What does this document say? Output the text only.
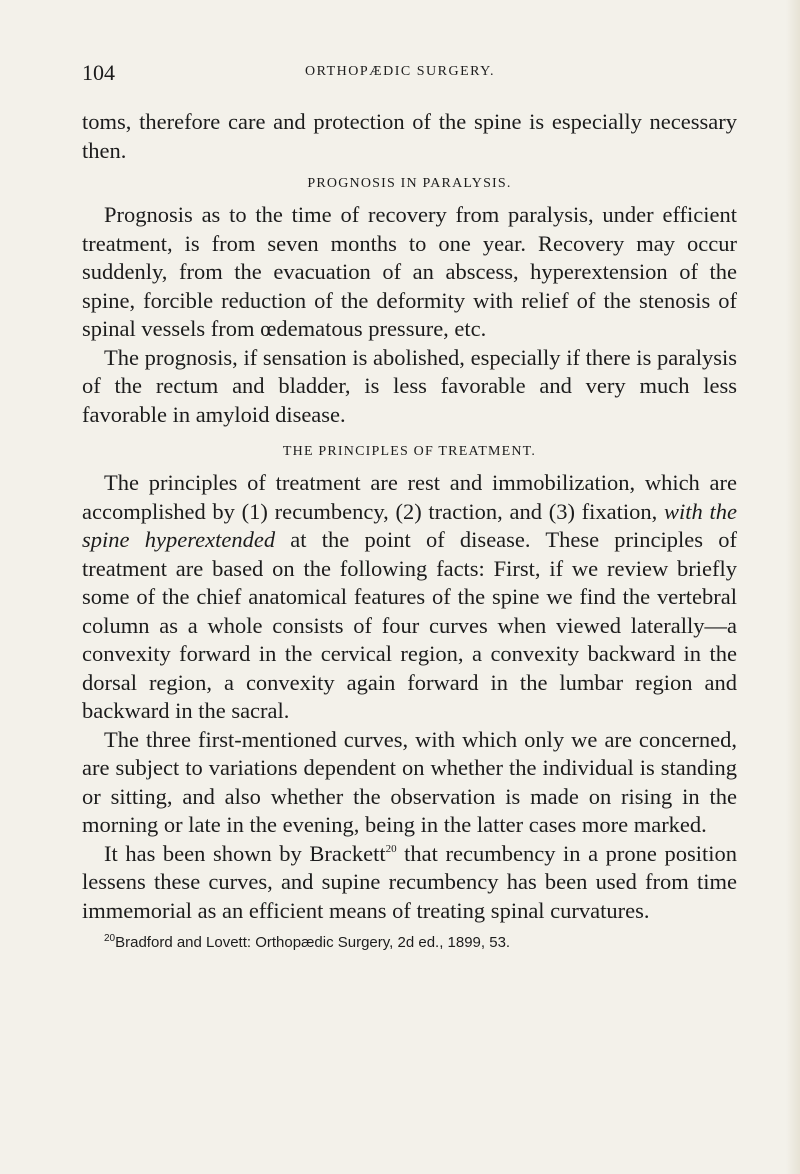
104	ORTHOPÆDIC SURGERY.

toms, therefore care and protection of the spine is especially necessary then.

PROGNOSIS IN PARALYSIS.

Prognosis as to the time of recovery from paralysis, under efficient treatment, is from seven months to one year. Recovery may occur suddenly, from the evacuation of an abscess, hyperextension of the spine, forcible reduction of the deformity with relief of the stenosis of spinal vessels from œdematous pressure, etc.

The prognosis, if sensation is abolished, especially if there is paralysis of the rectum and bladder, is less favorable and very much less favorable in amyloid disease.

THE PRINCIPLES OF TREATMENT.

The principles of treatment are rest and immobilization, which are accomplished by (1) recumbency, (2) traction, and (3) fixation, with the spine hyperextended at the point of disease. These principles of treatment are based on the following facts: First, if we review briefly some of the chief anatomical features of the spine we find the vertebral column as a whole consists of four curves when viewed laterally—a convexity forward in the cervical region, a convexity backward in the dorsal region, a convexity again forward in the lumbar region and backward in the sacral.

The three first-mentioned curves, with which only we are concerned, are subject to variations dependent on whether the individual is standing or sitting, and also whether the observation is made on rising in the morning or late in the evening, being in the latter cases more marked.

It has been shown by Brackett$^{20}$ that recumbency in a prone position lessens these curves, and supine recumbency has been used from time immemorial as an efficient means of treating spinal curvatures.

$^{20}$Bradford and Lovett: Orthopædic Surgery, 2d ed., 1899, 53.
